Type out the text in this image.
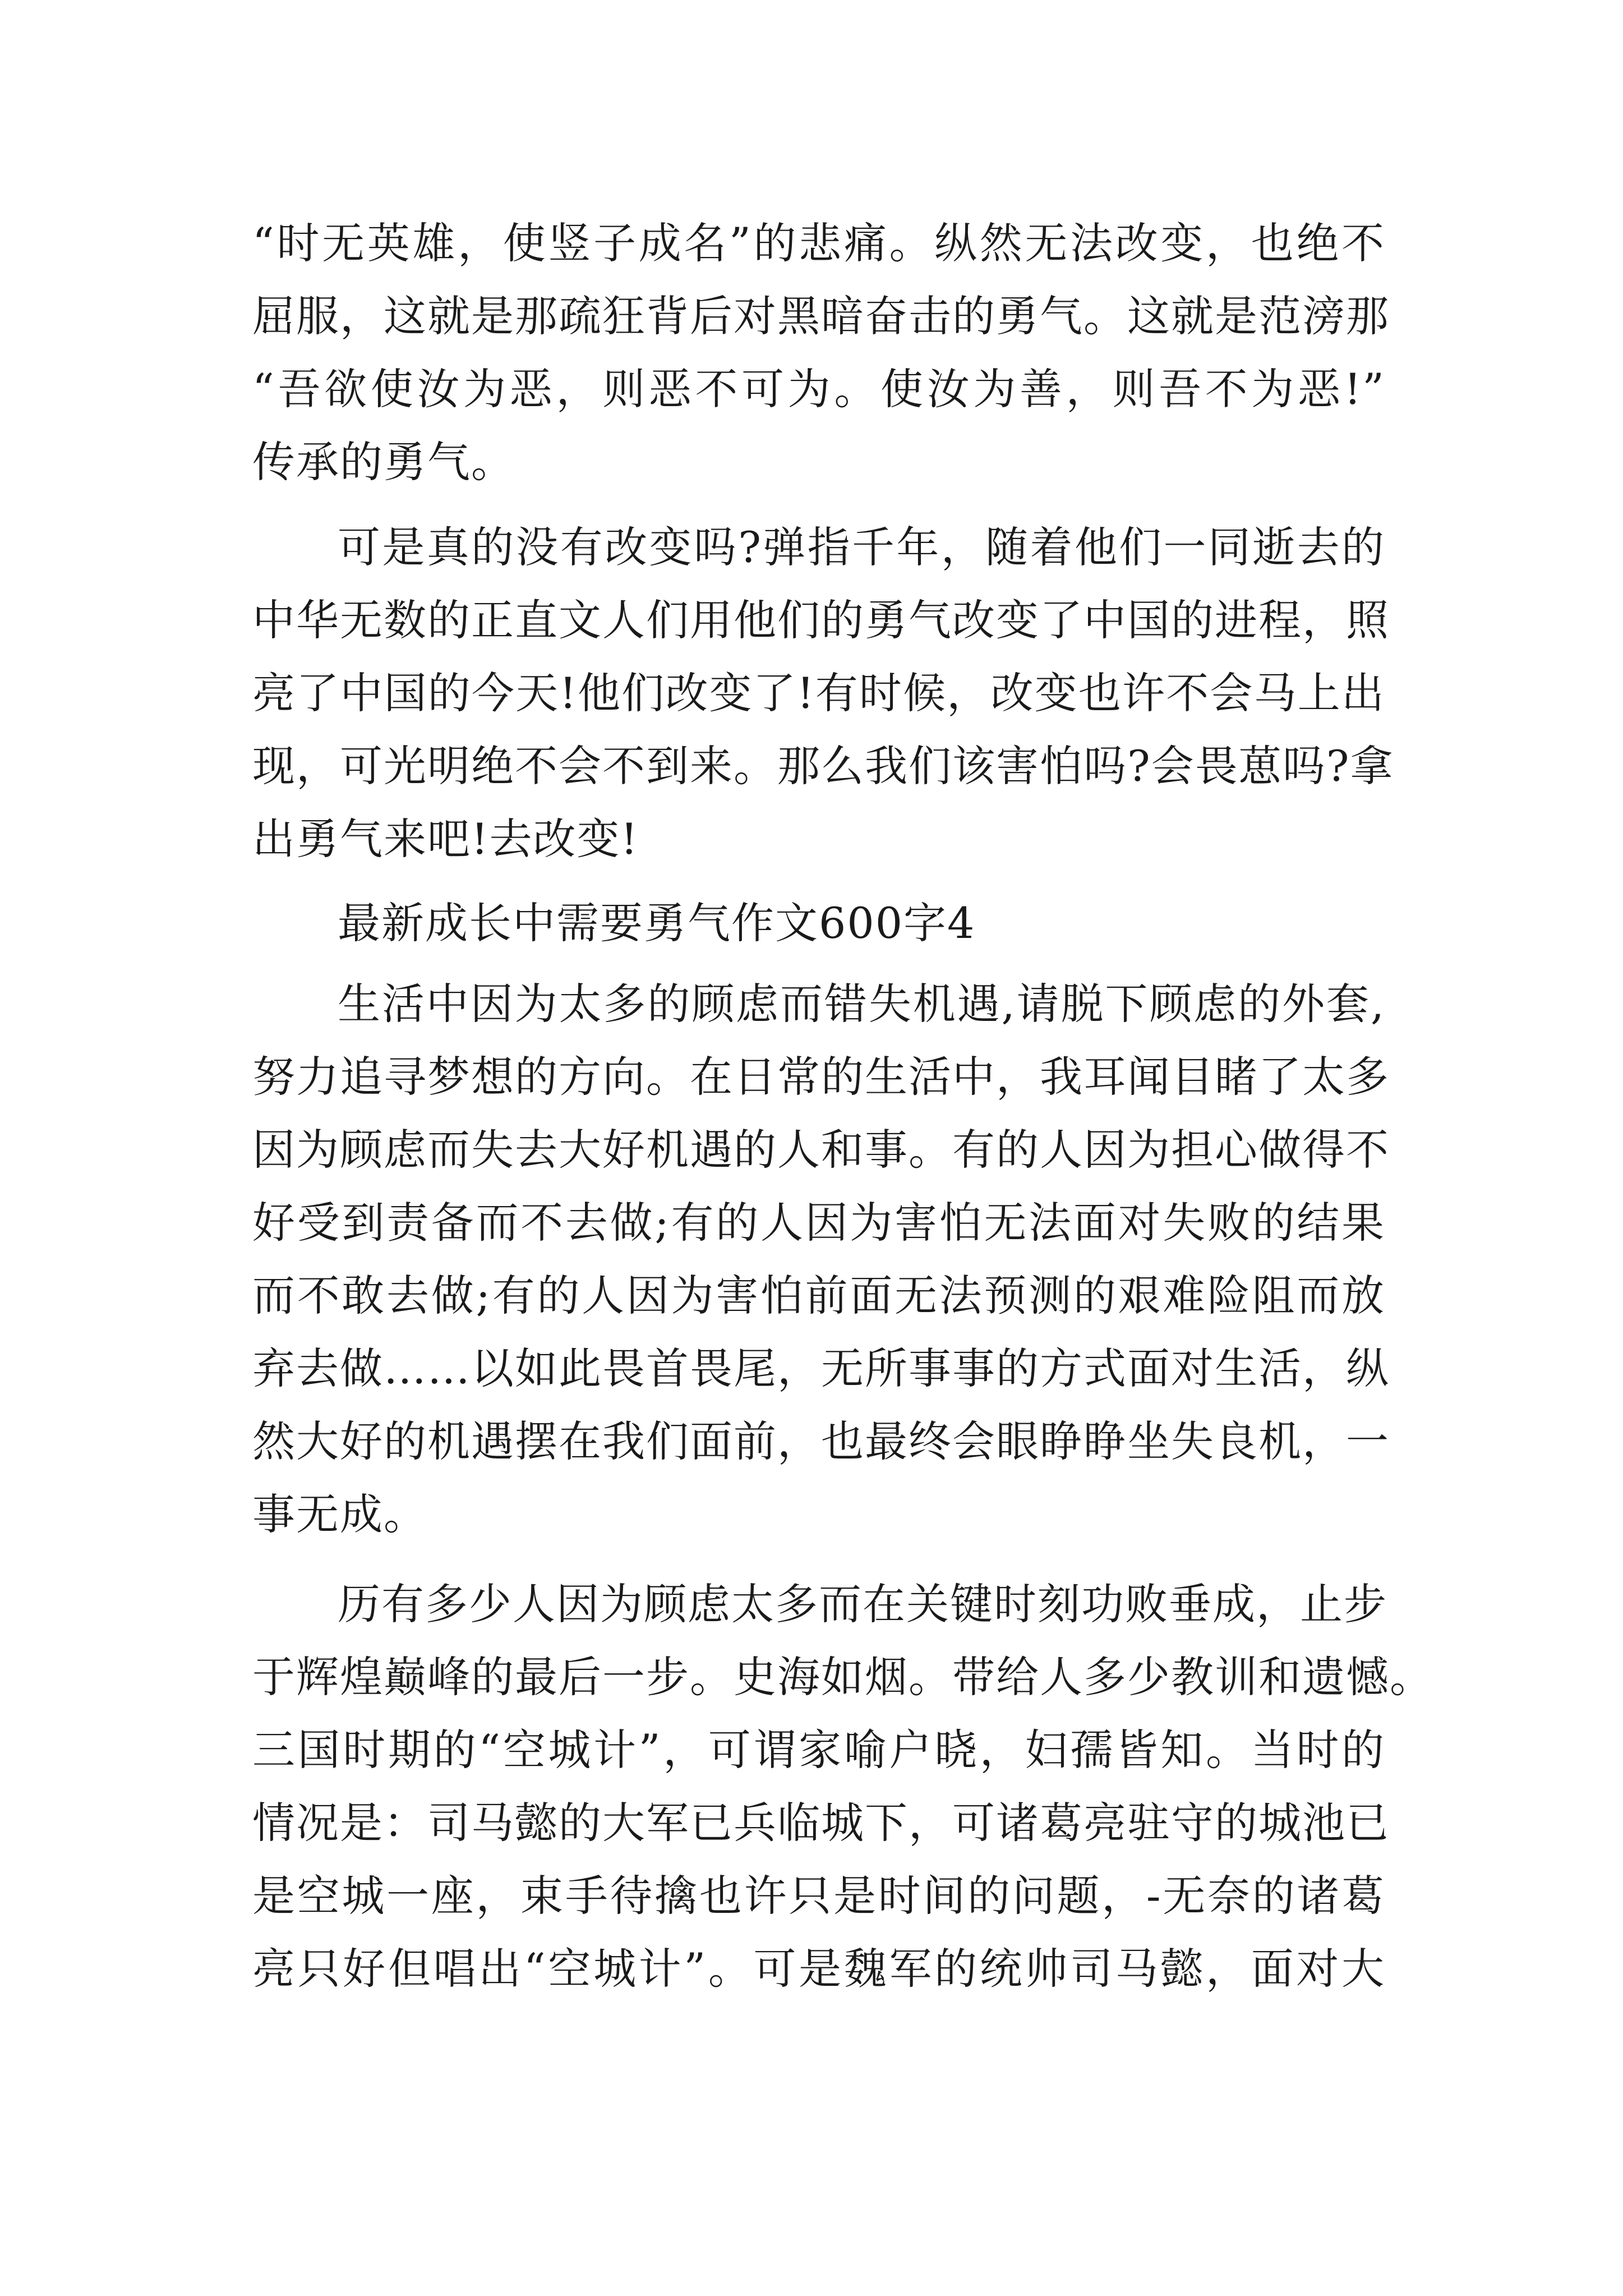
“时无英雄，使竖子成名”的悲痛。纵然无法改变，也绝不
屈服，这就是那疏狂背后对黑暗奋击的勇气。这就是范滂那
“吾欲使汝为恶，则恶不可为。使汝为善，则吾不为恶!”
传承的勇气。
可是真的没有改变吗?弹指千年，随着他们一同逝去的
中华无数的正直文人们用他们的勇气改变了中国的进程，照
亮了中国的今天!他们改变了!有时候，改变也许不会马上出
现，可光明绝不会不到来。那么我们该害怕吗?会畏葸吗?拿
出勇气来吧!去改变!
最新成长中需要勇气作文600字4
生活中因为太多的顾虑而错失机遇,请脱下顾虑的外套,
努力追寻梦想的方向。在日常的生活中，我耳闻目睹了太多
因为顾虑而失去大好机遇的人和事。有的人因为担心做得不
好受到责备而不去做;有的人因为害怕无法面对失败的结果
而不敢去做;有的人因为害怕前面无法预测的艰难险阻而放
弃去做……以如此畏首畏尾，无所事事的方式面对生活，纵
然大好的机遇摆在我们面前，也最终会眼睁睁坐失良机，一
事无成。
历有多少人因为顾虑太多而在关键时刻功败垂成，止步
于辉煌巅峰的最后一步。史海如烟。带给人多少教训和遗憾。
三国时期的“空城计”，可谓家喻户晓，妇孺皆知。当时的
情况是：司马懿的大军已兵临城下，可诸葛亮驻守的城池已
是空城一座，束手待擒也许只是时间的问题，-无奈的诸葛
亮只好但唱出“空城计”。可是魏军的统帅司马懿，面对大
